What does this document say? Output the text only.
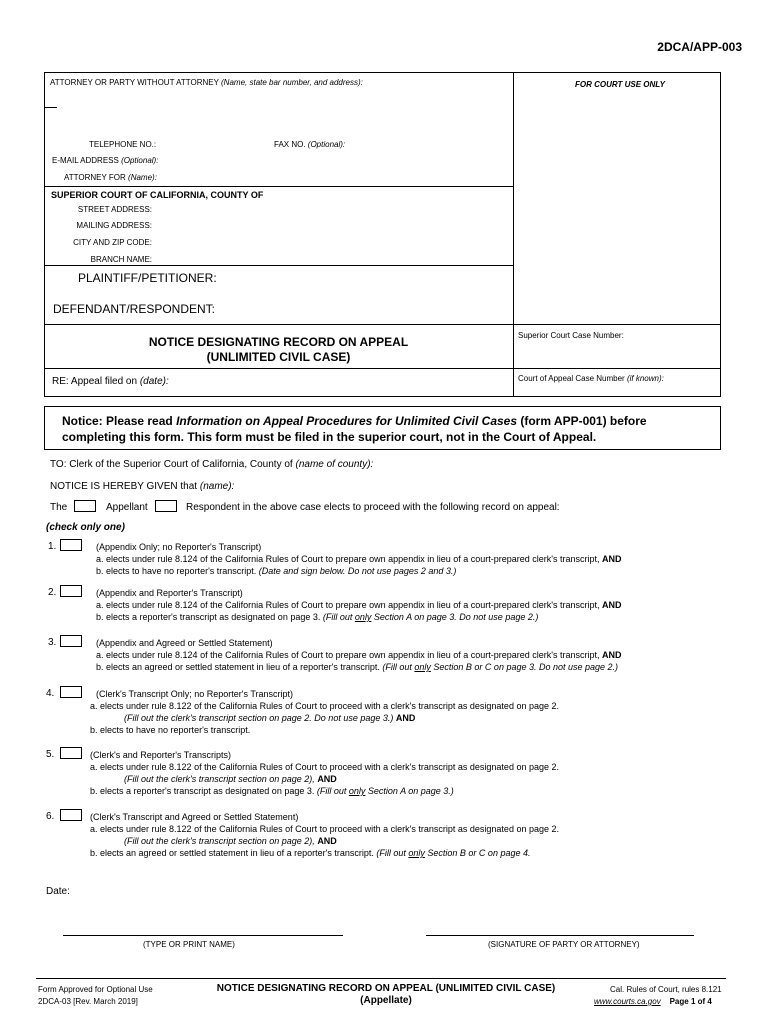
2DCA/APP-003
ATTORNEY OR PARTY WITHOUT ATTORNEY (Name, state bar number, and address):	FOR COURT USE ONLY
TELEPHONE NO.:	FAX NO. (Optional):
E-MAIL ADDRESS (Optional):
ATTORNEY FOR (Name):
SUPERIOR COURT OF CALIFORNIA, COUNTY OF
STREET ADDRESS:
MAILING ADDRESS:
CITY AND ZIP CODE:
BRANCH NAME:
PLAINTIFF/PETITIONER:
DEFENDANT/RESPONDENT:
NOTICE DESIGNATING RECORD ON APPEAL
(UNLIMITED CIVIL CASE)
Superior Court Case Number:
RE: Appeal filed on (date):	Court of Appeal Case Number (if known):
Notice: Please read Information on Appeal Procedures for Unlimited Civil Cases (form APP-001) before
completing this form. This form must be filed in the superior court, not in the Court of Appeal.
TO: Clerk of the Superior Court of California, County of (name of county):
NOTICE IS HEREBY GIVEN that (name):
The	Appellant	Respondent in the above case elects to proceed with the following record on appeal:
(check only one)
1.	(Appendix Only; no Reporter's Transcript)
a. elects under rule 8.124 of the California Rules of Court to prepare own appendix in lieu of a court-prepared clerk's transcript, AND
b. elects to have no reporter's transcript. (Date and sign below. Do not use pages 2 and 3.)
2.	(Appendix and Reporter's Transcript)
a. elects under rule 8.124 of the California Rules of Court to prepare own appendix in lieu of a court-prepared clerk's transcript, AND
b. elects a reporter's transcript as designated on page 3. (Fill out only Section A on page 3. Do not use page 2.)
3.	(Appendix and Agreed or Settled Statement)
a. elects under rule 8.124 of the California Rules of Court to prepare own appendix in lieu of a court-prepared clerk's transcript, AND
b. elects an agreed or settled statement in lieu of a reporter's transcript. (Fill out only Section B or C on page 3. Do not use page 2.)
4.	(Clerk's Transcript Only; no Reporter's Transcript)
a. elects under rule 8.122 of the California Rules of Court to proceed with a clerk's transcript as designated on page 2.
(Fill out the clerk's transcript section on page 2. Do not use page 3.) AND
b. elects to have no reporter's transcript.
5.	(Clerk's and Reporter's Transcripts)
a. elects under rule 8.122 of the California Rules of Court to proceed with a clerk's transcript as designated on page 2.
(Fill out the clerk's transcript section on page 2), AND
b. elects a reporter's transcript as designated on page 3. (Fill out only Section A on page 3.)
6.	(Clerk's Transcript and Agreed or Settled Statement)
a. elects under rule 8.122 of the California Rules of Court to proceed with a clerk's transcript as designated on page 2.
(Fill out the clerk's transcript section on page 2), AND
b. elects an agreed or settled statement in lieu of a reporter's transcript. (Fill out only Section B or C on page 4.
Date:
(TYPE OR PRINT NAME)	(SIGNATURE OF PARTY OR ATTORNEY)
Form Approved for Optional Use
2DCA-03 [Rev. March 2019]
NOTICE DESIGNATING RECORD ON APPEAL (UNLIMITED CIVIL CASE)
(Appellate)
Cal. Rules of Court, rules 8.121
www.courts.ca.gov Page 1 of 4
